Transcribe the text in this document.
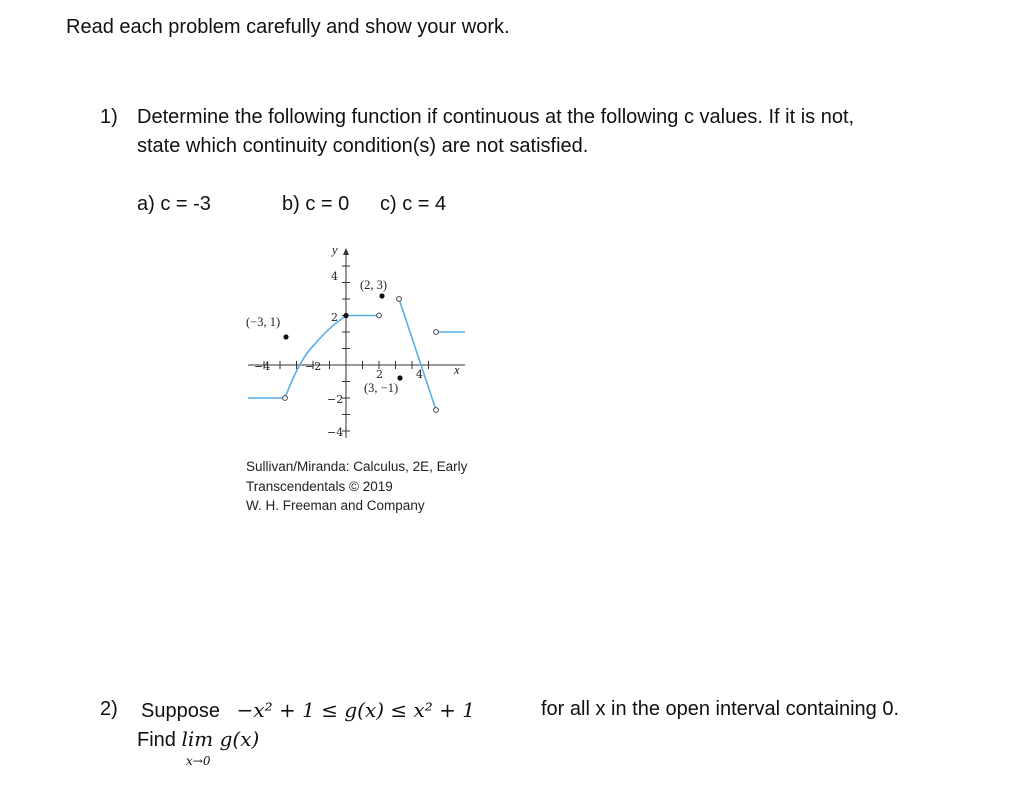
Read each problem carefully and show your work.
1) Determine the following function if continuous at the following c values. If it is not,
state which continuity condition(s) are not satisfied.
a) c = -3	b) c = 0 c) c = 4
−4	−2
2	4
4
2
−2
−4
y
x
(−3, 1)
(2, 3)
(3, −1)
Sullivan/Miranda: Calculus, 2E, Early
Transcendentals © 2019
W. H. Freeman and Company
2) Suppose −x² + 1 ≤ g(x) ≤ x² + 1	for all x in the open interval containing 0.
Find lim g(x)
x→0
